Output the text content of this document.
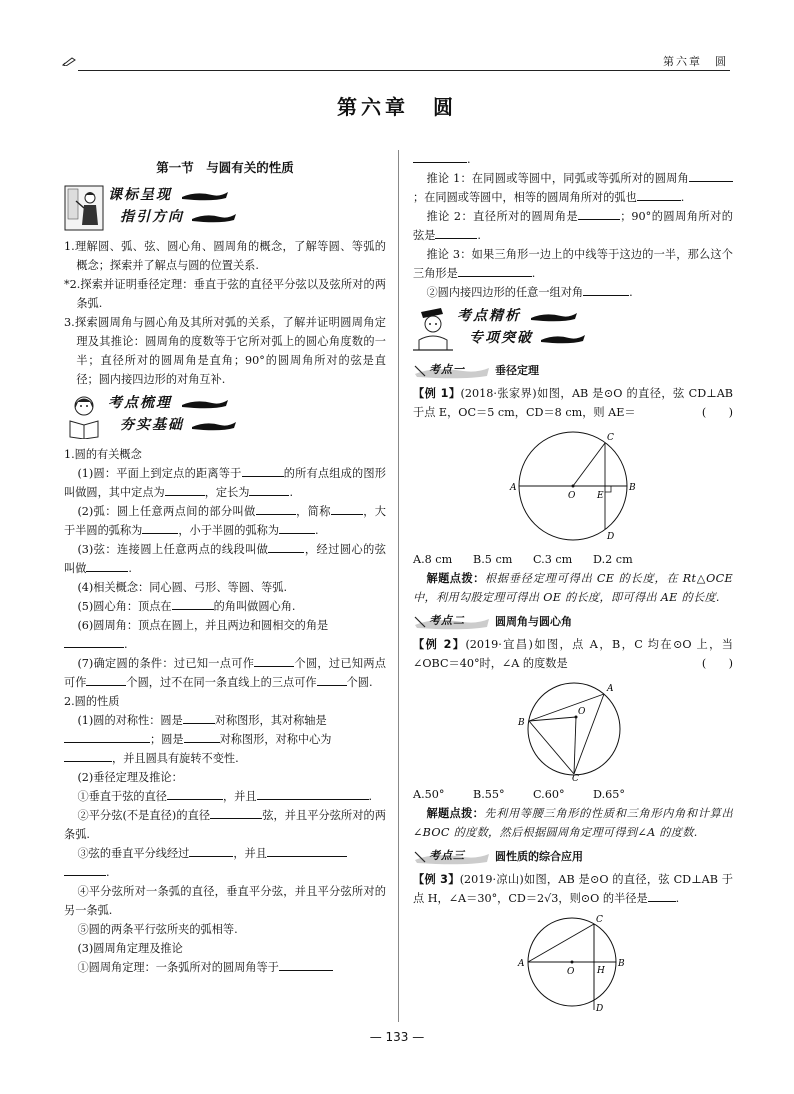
第六章　圆
第六章　圆
第一节　与圆有关的性质
课标呈现
指引方向

1.理解圆、弧、弦、圆心角、圆周角的概念，了解等圆、等弧的概念；探索并了解点与圆的位置关系.

*2.探索并证明垂径定理：垂直于弦的直径平分弦以及弦所对的两条弧.

3.探索圆周角与圆心角及其所对弧的关系，了解并证明圆周角定理及其推论：圆周角的度数等于它所对弧上的圆心角度数的一半；直径所对的圆周角是直角；90°的圆周角所对的弦是直径；圆内接四边形的对角互补.

考点梳理
夯实基础

1.圆的有关概念

(1)圆：平面上到定点的距离等于	的所有点组成的图形叫做圆，其中定点为	，定长为	.

(2)弧：圆上任意两点间的部分叫做	，简称	，大于半圆的弧称为	，小于半圆的弧称为	.

(3)弦：连接圆上任意两点的线段叫做	，经过圆心的弦叫做	.

(4)相关概念：同心圆、弓形、等圆、等弧.

(5)圆心角：顶点在	的角叫做圆心角.

(6)圆周角：顶点在圆上，并且两边和圆相交的角是
.

(7)确定圆的条件：过已知一点可作	个圆，过已知两点可作	个圆，过不在同一条直线上的三点可作	个圆.

2.圆的性质

(1)圆的对称性：圆是	对称图形，其对称轴是
；圆是	对称图形，对称中心为
，并且圆具有旋转不变性.

(2)垂径定理及推论：

①垂直于弦的直径	，并且	.

②平分弦(不是直径)的直径	弦，并且平分弦所对的两条弧.

③弦的垂直平分线经过	，并且
.

④平分弦所对一条弧的直径，垂直平分弦，并且平分弦所对的另一条弧.

⑤圆的两条平行弦所夹的弧相等.

(3)圆周角定理及推论

①圆周角定理：一条弧所对的圆周角等于

.

推论 1：在同圆或等圆中，同弧或等弧所对的圆周角；在同圆或等圆中，相等的圆周角所对的弧也	.

推论 2：直径所对的圆周角是	；90°的圆周角所对的弦是	.

推论 3：如果三角形一边上的中线等于这边的一半，那么这个三角形是	.

②圆内接四边形的任意一组对角	.

考点精析
专项突破
考点一	垂径定理

【例 1】(2018·张家界)如图，AB 是⊙O 的直径，弦 CD⊥AB 于点 E，OC＝5 cm，CD＝8 cm，则 AE＝	(　　)

A	B
C
D
E
O

A.8 cm	B.5 cm	C.3 cm	D.2 cm

解题点拨：根据垂径定理可得出 CE 的长度，在 Rt△OCE 中，利用勾股定理可得出 OE 的长度，即可得出 AE 的长度.

考点二	圆周角与圆心角

【例 2】(2019·宜昌)如图，点 A，B，C 均在⊙O 上，当∠OBC＝40°时，∠A 的度数是	(　　)

A
B
C
O

A.50°	B.55°	C.60°	D.65°

解题点拨：先利用等腰三角形的性质和三角形内角和计算出∠BOC 的度数，然后根据圆周角定理可得到∠A 的度数.

考点三	圆性质的综合应用

【例 3】(2019·凉山)如图，AB 是⊙O 的直径，弦 CD⊥AB 于点 H，∠A＝30°，CD＝2√3，则⊙O 的半径是	.

A	B
C
D
H
O
— 133 —
